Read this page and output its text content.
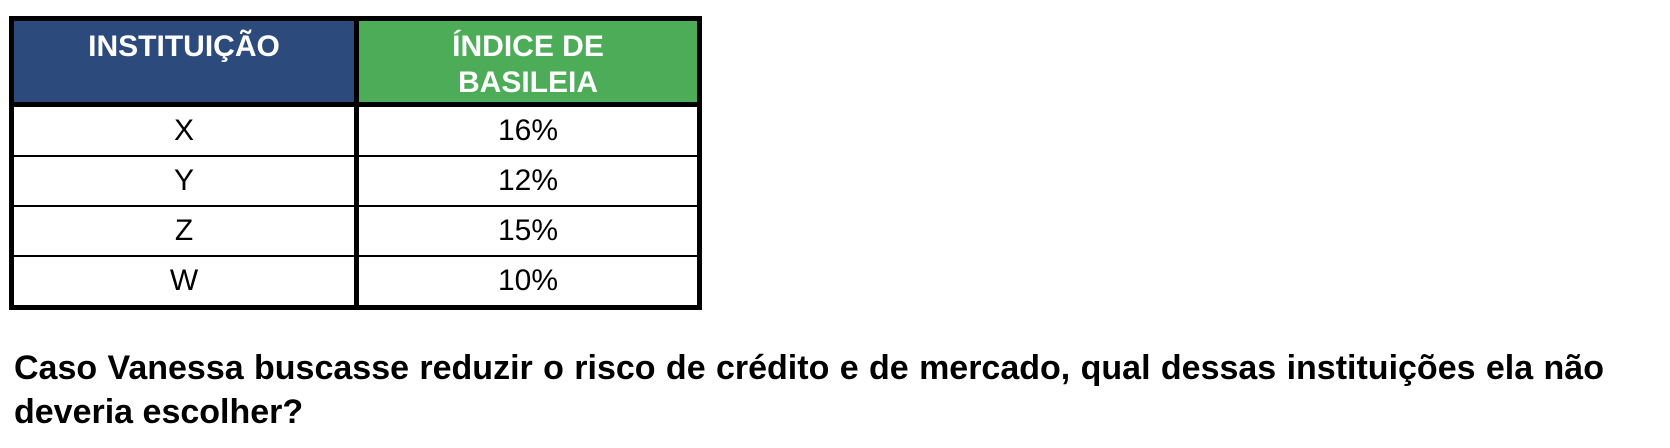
INSTITUIÇÃO	ÍNDICE DE
BASILEIA
X	16%
Y	12%
Z	15%
W	10%

Caso Vanessa buscasse reduzir o risco de crédito e de mercado, qual dessas instituições ela não deveria escolher?
